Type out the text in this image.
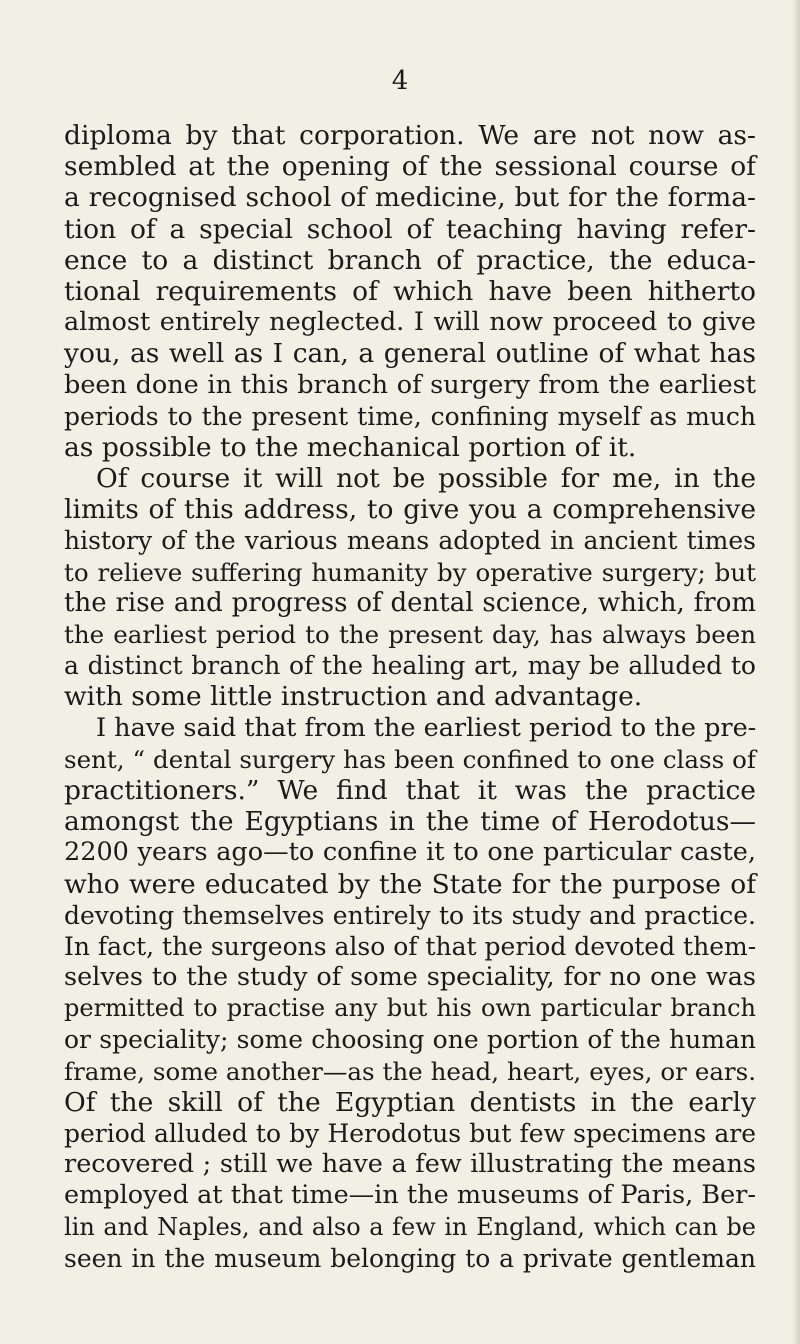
4
diploma by that corporation. We are not now as-
sembled at the opening of the sessional course of
a recognised school of medicine, but for the forma-
tion of a special school of teaching having refer-
ence to a distinct branch of practice, the educa-
tional requirements of which have been hitherto
almost entirely neglected. I will now proceed to give
you, as well as I can, a general outline of what has
been done in this branch of surgery from the earliest
periods to the present time, confining myself as much
as possible to the mechanical portion of it.
Of course it will not be possible for me, in the
limits of this address, to give you a comprehensive
history of the various means adopted in ancient times
to relieve suffering humanity by operative surgery; but
the rise and progress of dental science, which, from
the earliest period to the present day, has always been
a distinct branch of the healing art, may be alluded to
with some little instruction and advantage.
I have said that from the earliest period to the pre-
sent, “ dental surgery has been confined to one class of
practitioners.” We find that it was the practice
amongst the Egyptians in the time of Herodotus—
2200 years ago—to confine it to one particular caste,
who were educated by the State for the purpose of
devoting themselves entirely to its study and practice.
In fact, the surgeons also of that period devoted them-
selves to the study of some speciality, for no one was
permitted to practise any but his own particular branch
or speciality; some choosing one portion of the human
frame, some another—as the head, heart, eyes, or ears.
Of the skill of the Egyptian dentists in the early
period alluded to by Herodotus but few specimens are
recovered ; still we have a few illustrating the means
employed at that time—in the museums of Paris, Ber-
lin and Naples, and also a few in England, which can be
seen in the museum belonging to a private gentleman
